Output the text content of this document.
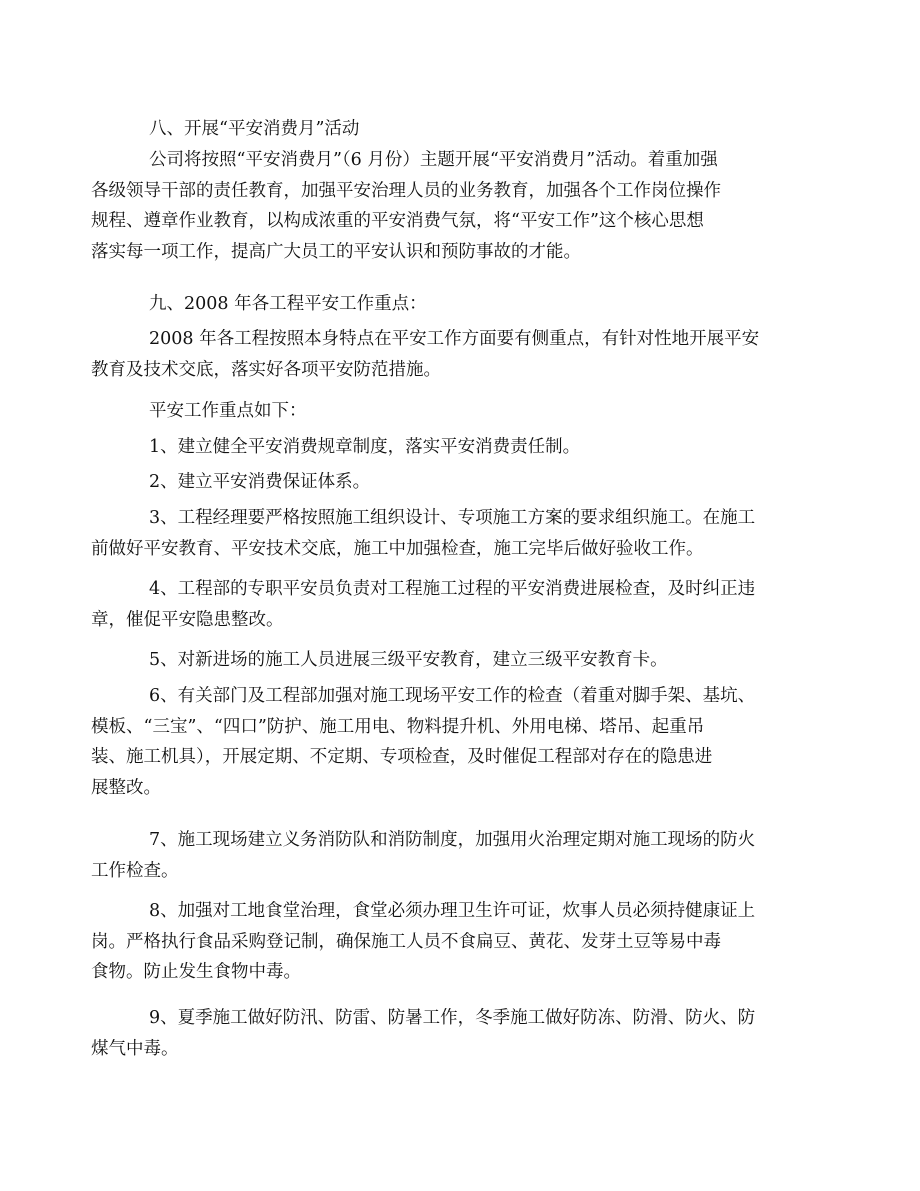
八、开展“平安消费月”活动

公司将按照“平安消费月”（6 月份）主题开展“平安消费月”活动。着重加强
各级领导干部的责任教育，加强平安治理人员的业务教育，加强各个工作岗位操作
规程、遵章作业教育，以构成浓重的平安消费气氛，将“平安工作”这个核心思想
落实每一项工作，提高广大员工的平安认识和预防事故的才能。

九、2008 年各工程平安工作重点：

2008 年各工程按照本身特点在平安工作方面要有侧重点，有针对性地开展平安
教育及技术交底，落实好各项平安防范措施。

平安工作重点如下：

1、建立健全平安消费规章制度，落实平安消费责任制。

2、建立平安消费保证体系。

3、工程经理要严格按照施工组织设计、专项施工方案的要求组织施工。在施工
前做好平安教育、平安技术交底，施工中加强检查，施工完毕后做好验收工作。

4、工程部的专职平安员负责对工程施工过程的平安消费进展检查，及时纠正违
章，催促平安隐患整改。

5、对新进场的施工人员进展三级平安教育，建立三级平安教育卡。

6、有关部门及工程部加强对施工现场平安工作的检查（着重对脚手架、基坑、
模板、“三宝”、“四口”防护、施工用电、物料提升机、外用电梯、塔吊、起重吊
装、施工机具），开展定期、不定期、专项检查，及时催促工程部对存在的隐患进
展整改。

7、施工现场建立义务消防队和消防制度，加强用火治理定期对施工现场的防火
工作检查。

8、加强对工地食堂治理，食堂必须办理卫生许可证，炊事人员必须持健康证上
岗。严格执行食品采购登记制，确保施工人员不食扁豆、黄花、发芽土豆等易中毒
食物。防止发生食物中毒。

9、夏季施工做好防汛、防雷、防暑工作，冬季施工做好防冻、防滑、防火、防
煤气中毒。
